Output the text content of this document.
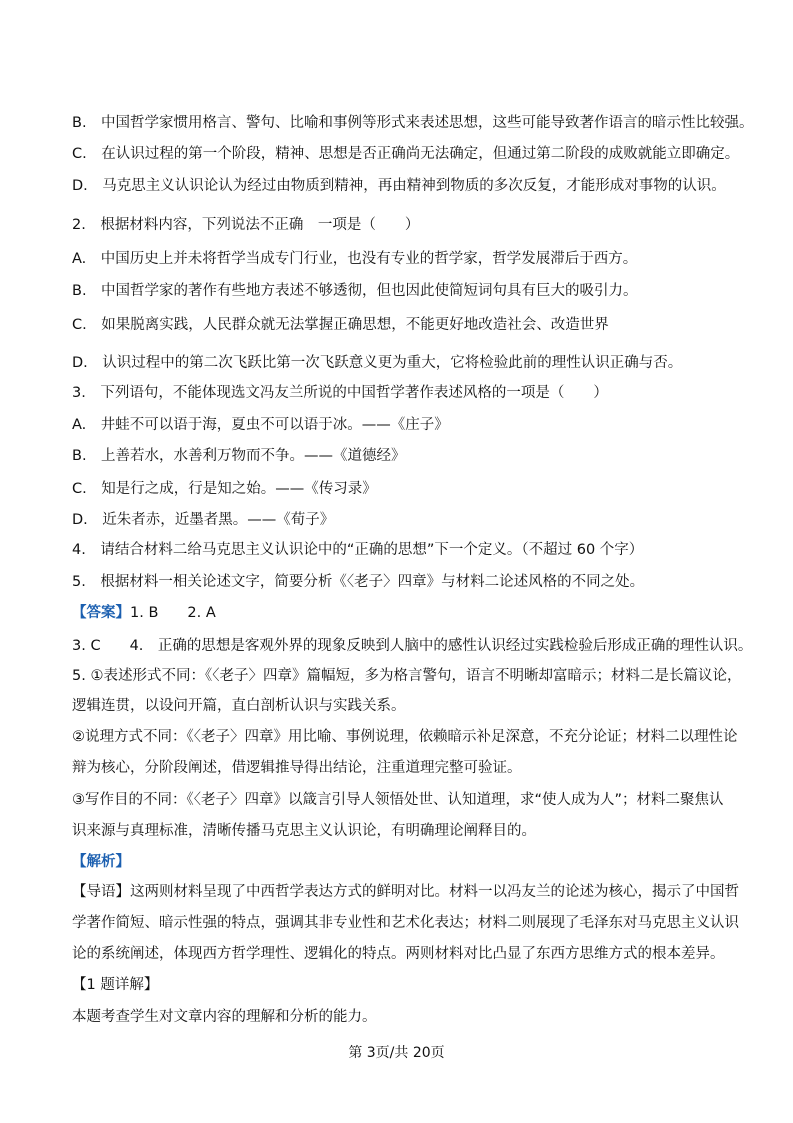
B.　中国哲学家惯用格言、警句、比喻和事例等形式来表述思想，这些可能导致著作语言的暗示性比较强。
C.　在认识过程的第一个阶段，精神、思想是否正确尚无法确定，但通过第二阶段的成败就能立即确定。
D.　马克思主义认识论认为经过由物质到精神，再由精神到物质的多次反复，才能形成对事物的认识。
2.　根据材料内容，下列说法不正确　一项是（　　）
A.　中国历史上并未将哲学当成专门行业，也没有专业的哲学家，哲学发展滞后于西方。
B.　中国哲学家的著作有些地方表述不够透彻，但也因此使简短词句具有巨大的吸引力。
C.　如果脱离实践，人民群众就无法掌握正确思想，不能更好地改造社会、改造世界
D.　认识过程中的第二次飞跃比第一次飞跃意义更为重大，它将检验此前的理性认识正确与否。
3.　下列语句，不能体现选文冯友兰所说的中国哲学著作表述风格的一项是（　　）
A.　井蛙不可以语于海，夏虫不可以语于冰。——《庄子》
B.　上善若水，水善利万物而不争。——《道德经》
C.　知是行之成，行是知之始。——《传习录》
D.　近朱者赤，近墨者黑。——《荀子》
4.　请结合材料二给马克思主义认识论中的“正确的思想”下一个定义。（不超过 60 个字）
5.　根据材料一相关论述文字，简要分析《〈老子〉四章》与材料二论述风格的不同之处。
【答案】1. B　　2. A
3. C　　4.　正确的思想是客观外界的现象反映到人脑中的感性认识经过实践检验后形成正确的理性认识。
5. ①表述形式不同：《〈老子〉四章》篇幅短，多为格言警句，语言不明晰却富暗示；材料二是长篇议论，
逻辑连贯，以设问开篇，直白剖析认识与实践关系。
②说理方式不同：《〈老子〉四章》用比喻、事例说理，依赖暗示补足深意，不充分论证；材料二以理性论
辩为核心，分阶段阐述，借逻辑推导得出结论，注重道理完整可验证。
③写作目的不同：《〈老子〉四章》以箴言引导人领悟处世、认知道理，求“使人成为人”；材料二聚焦认
识来源与真理标准，清晰传播马克思主义认识论，有明确理论阐释目的。
【解析】
【导语】这两则材料呈现了中西哲学表达方式的鲜明对比。材料一以冯友兰的论述为核心，揭示了中国哲
学著作简短、暗示性强的特点，强调其非专业性和艺术化表达；材料二则展现了毛泽东对马克思主义认识
论的系统阐述，体现西方哲学理性、逻辑化的特点。两则材料对比凸显了东西方思维方式的根本差异。
【1 题详解】
本题考查学生对文章内容的理解和分析的能力。
第 3页/共 20页
